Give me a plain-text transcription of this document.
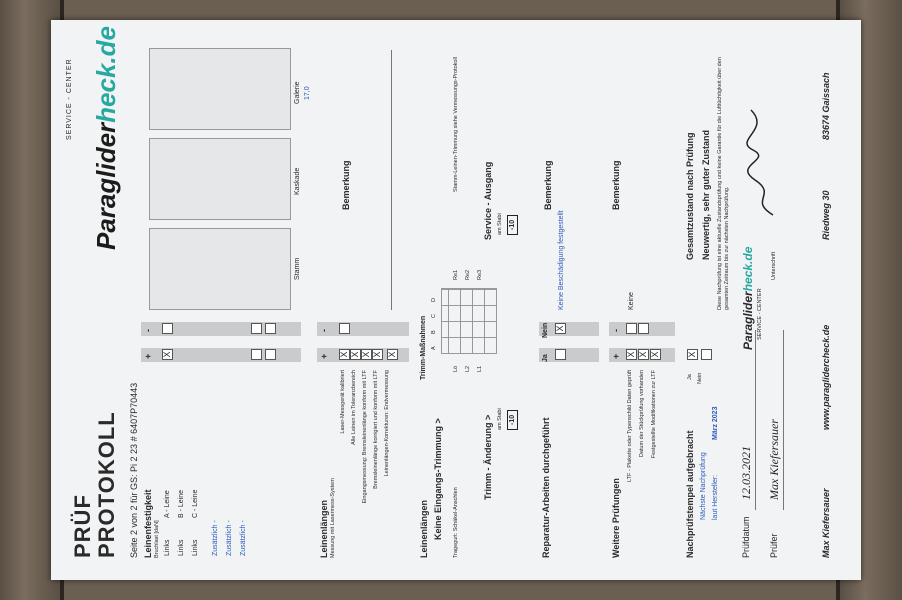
PRÜF PROTOKOLL Seite 2 von 2 für GS: Pi 2 23 # 6407P70443
SERVICE - CENTER
Paragliderheck.de
Leinenfestigkeit Bruchlast [daN]
+
-
Links
A - Leine
X
Links
B - Leine
Links
C - Leine
Zusätzlich - Zusätzlich - Zusätzlich -
Stamm
Kaskade
Galerie 17,0
Leinenlängen Messung mit Lasermess-System
+
-
Laser-Messgerät kalibriert Alle Leinen im Toleranzbereich Eingangsmessung: Bremsleinenlänge konform mit LTF Bremsleinenlänge korrigiert und konform mit LTF Leinenlängen-Korrekturen: Endvermessung
X X X X X
Bemerkung
Leinenlängen Keine Eingangs-Trimmung >
Trimm-Maßnahmen
Tragegurt: Schäkel-Anschlen
Stamm-Leinen-Trimmung siehe Vermessungs-Protokoll
A
B
C
D
Lö L2 L1
Re1 Re2 Re3
Trimm - Änderung > am Stabi -10
Service - Ausgang am Stabi -10
Reparatur-Arbeiten durchgeführt
Ja
Nein X
Bemerkung
Keine Beschädigung festgestellt
Weitere Prüfungen
+
-
LTF - Plakette oder Typenschild Daten geprüft Datum der Stückprüfung vorhanden Festgestellte Modifikationen zur LTF
X X X
Bemerkung
Keine
Nachprüfstempel aufgebracht Nächste Nachprüfung laut Hersteller:
März 2023
Ja Nein
X
Gesamtzustand nach Prüfung Neuwertig, sehr guter Zustand Diese Nachprüfung ist eine aktuelle Zustandsprüfung und keine Garantie für die Lufttüchtigkeit über den gesamten Zeitraum bis zur nächsten Nachprüfung.
Prüfdatum
12.03.2021
Prüfer
Max Kiefersauer
Paragliderheck.de
SERVICE - CENTER
Unterschrift
Max Kiefersauer
www.paraglidercheck.de
Riedweg 30
83674 Gaissach
